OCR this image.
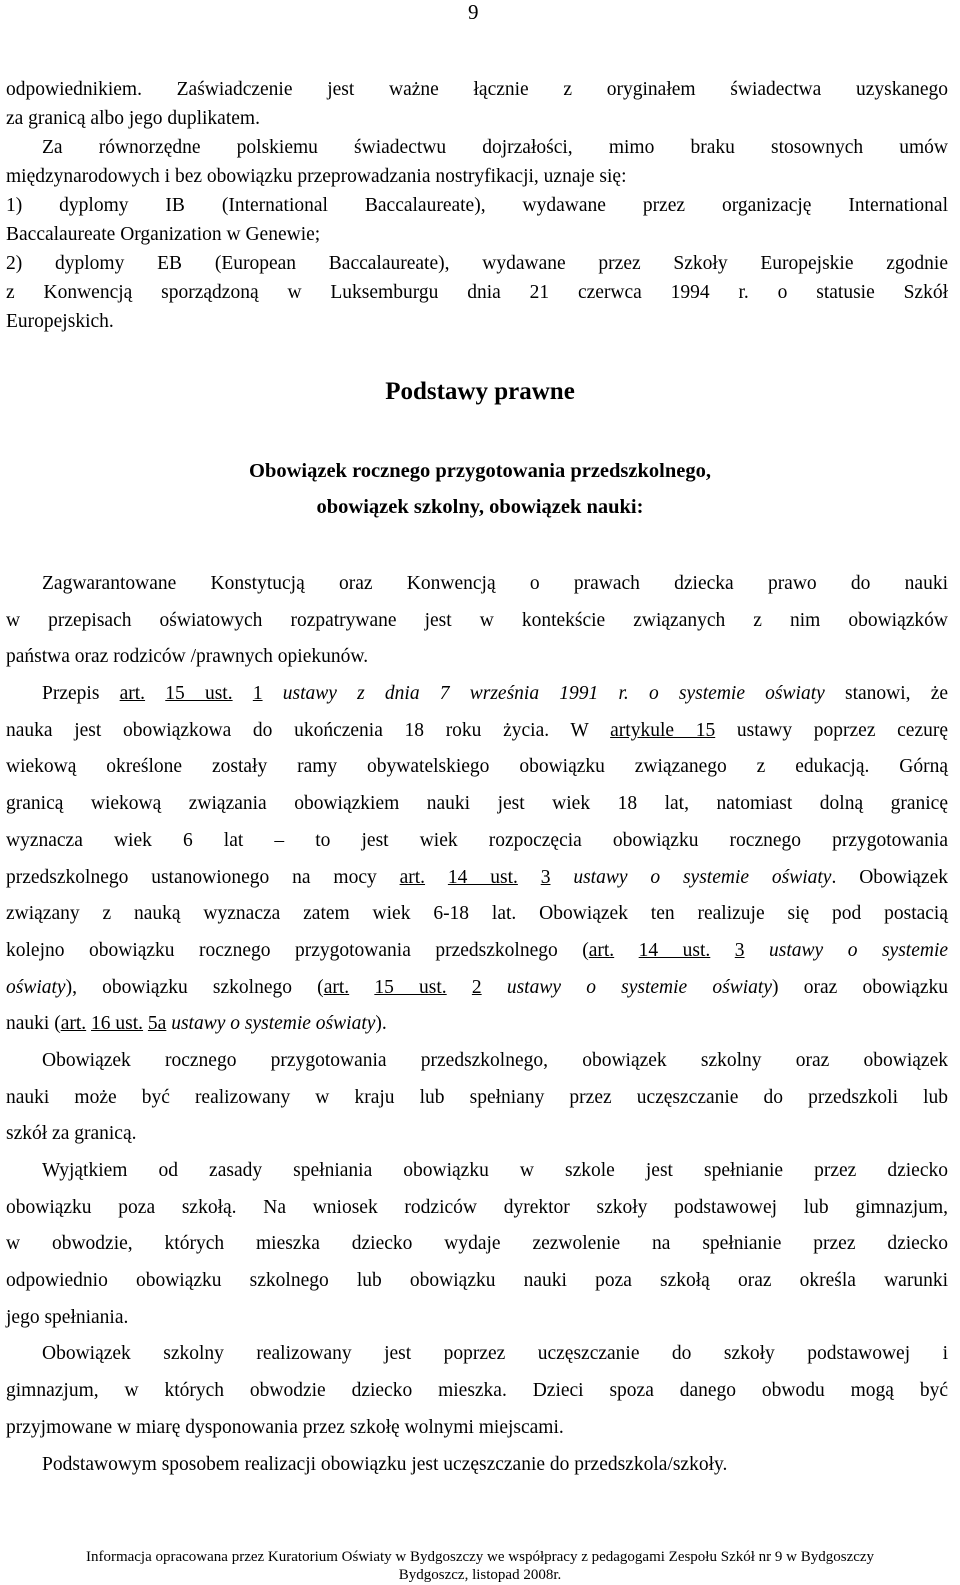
9
odpowiednikiem. Zaświadczenie jest ważne łącznie z oryginałem świadectwa uzyskanego
za granicą albo jego duplikatem.
Za równorzędne polskiemu świadectwu dojrzałości, mimo braku stosownych umów
międzynarodowych i bez obowiązku przeprowadzania nostryfikacji, uznaje się:
1) dyplomy IB (International Baccalaureate), wydawane przez organizację International
Baccalaureate Organization w Genewie;
2) dyplomy EB (European Baccalaureate), wydawane przez Szkoły Europejskie zgodnie
z Konwencją sporządzoną w Luksemburgu dnia 21 czerwca 1994 r. o statusie Szkół
Europejskich.
Podstawy prawne
Obowiązek rocznego przygotowania przedszkolnego,
obowiązek szkolny, obowiązek nauki:
Zagwarantowane Konstytucją oraz Konwencją o prawach dziecka prawo do nauki
w przepisach oświatowych rozpatrywane jest w kontekście związanych z nim obowiązków
państwa oraz rodziców /prawnych opiekunów.
Przepis art. 15 ust. 1 ustawy z dnia 7 września 1991 r. o systemie oświaty stanowi, że
nauka jest obowiązkowa do ukończenia 18 roku życia. W artykule 15 ustawy poprzez cezurę
wiekową określone zostały ramy obywatelskiego obowiązku związanego z edukacją. Górną
granicą wiekową związania obowiązkiem nauki jest wiek 18 lat, natomiast dolną granicę
wyznacza wiek 6 lat – to jest wiek rozpoczęcia obowiązku rocznego przygotowania
przedszkolnego ustanowionego na mocy art. 14 ust. 3 ustawy o systemie oświaty. Obowiązek
związany z nauką wyznacza zatem wiek 6-18 lat. Obowiązek ten realizuje się pod postacią
kolejno obowiązku rocznego przygotowania przedszkolnego (art. 14 ust. 3 ustawy o systemie
oświaty), obowiązku szkolnego (art. 15 ust. 2 ustawy o systemie oświaty) oraz obowiązku
nauki (art. 16 ust. 5a ustawy o systemie oświaty).
Obowiązek rocznego przygotowania przedszkolnego, obowiązek szkolny oraz obowiązek
nauki może być realizowany w kraju lub spełniany przez uczęszczanie do przedszkoli lub
szkół za granicą.
Wyjątkiem od zasady spełniania obowiązku w szkole jest spełnianie przez dziecko
obowiązku poza szkołą. Na wniosek rodziców dyrektor szkoły podstawowej lub gimnazjum,
w obwodzie, których mieszka dziecko wydaje zezwolenie na spełnianie przez dziecko
odpowiednio obowiązku szkolnego lub obowiązku nauki poza szkołą oraz określa warunki
jego spełniania.
Obowiązek szkolny realizowany jest poprzez uczęszczanie do szkoły podstawowej i
gimnazjum, w których obwodzie dziecko mieszka. Dzieci spoza danego obwodu mogą być
przyjmowane w miarę dysponowania przez szkołę wolnymi miejscami.
Podstawowym sposobem realizacji obowiązku jest uczęszczanie do przedszkola/szkoły.
Informacja opracowana przez Kuratorium Oświaty w Bydgoszczy we współpracy z pedagogami Zespołu Szkół nr 9 w Bydgoszczy
Bydgoszcz, listopad 2008r.
